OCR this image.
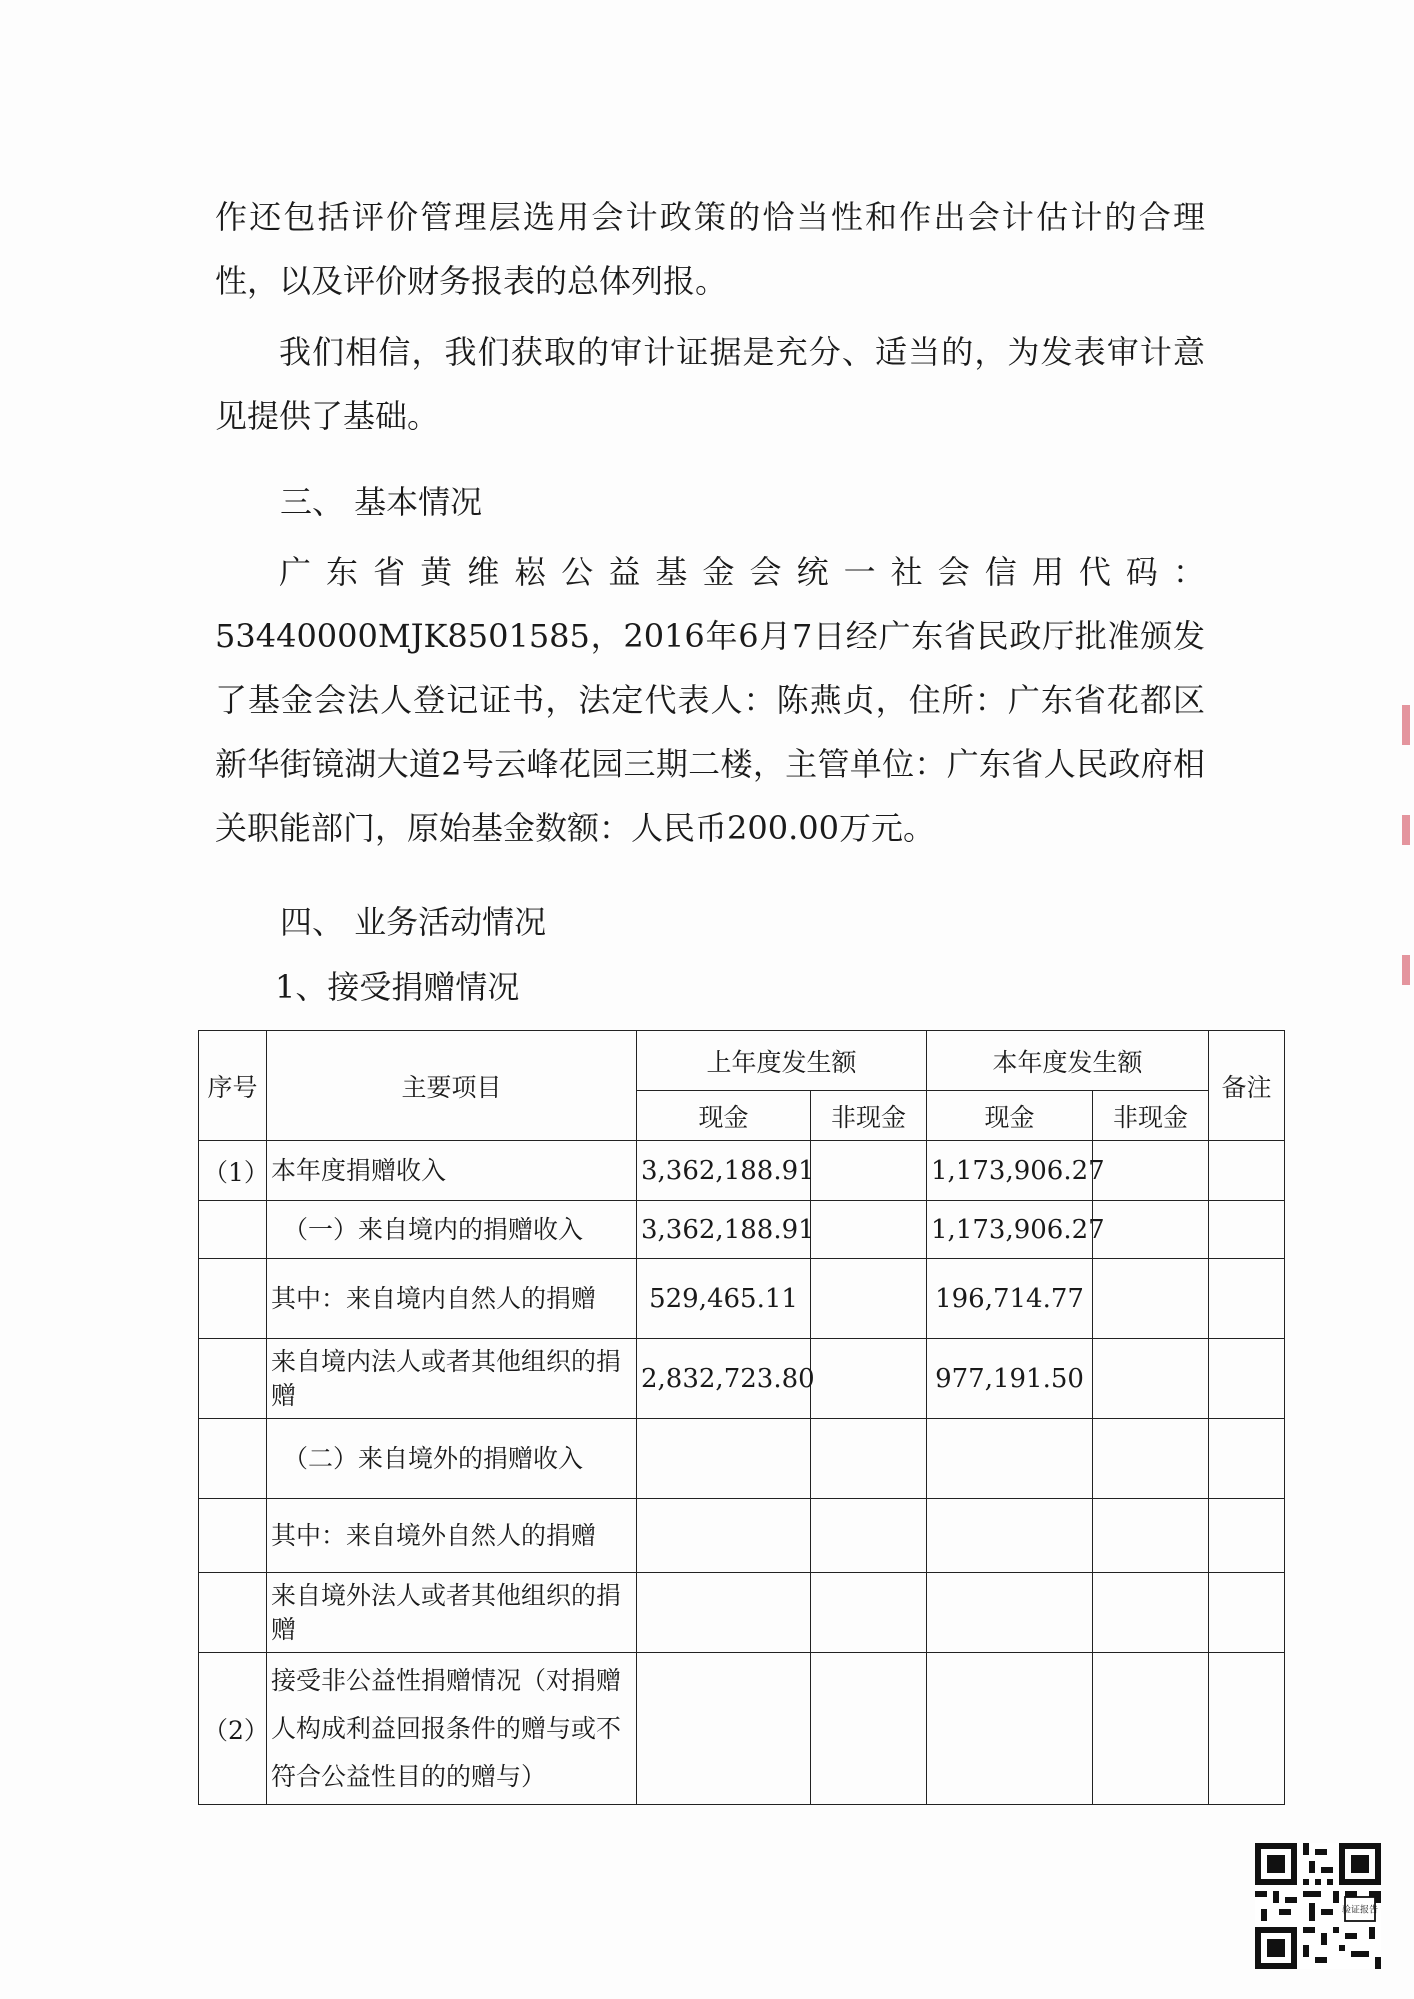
作还包括评价管理层选用会计政策的恰当性和作出会计估计的合理性，以及评价财务报表的总体列报。

我们相信，我们获取的审计证据是充分、适当的，为发表审计意见提供了基础。

三、 基本情况

广东省黄维崧公益基金会统一社会信用代码：53440000MJK8501585，2016年6月7日经广东省民政厅批准颁发了基金会法人登记证书，法定代表人：陈燕贞，住所：广东省花都区新华街镜湖大道2号云峰花园三期二楼，主管单位：广东省人民政府相关职能部门，原始基金数额：人民币200.00万元。

四、 业务活动情况

1、接受捐赠情况

序号	主要项目	上年度发生额		本年度发生额		备注
		现金	非现金	现金	非现金	
（1）	本年度捐赠收入	3,362,188.91		1,173,906.27		
	（一）来自境内的捐赠收入	3,362,188.91		1,173,906.27		
	其中：来自境内自然人的捐赠	529,465.11		196,714.77		
	来自境内法人或者其他组织的捐赠	2,832,723.80		977,191.50		
	（二）来自境外的捐赠收入					
	其中：来自境外自然人的捐赠					
	来自境外法人或者其他组织的捐赠					
（2）	接受非公益性捐赠情况（对捐赠人构成利益回报条件的赠与或不符合公益性目的的赠与）					
验证报告
